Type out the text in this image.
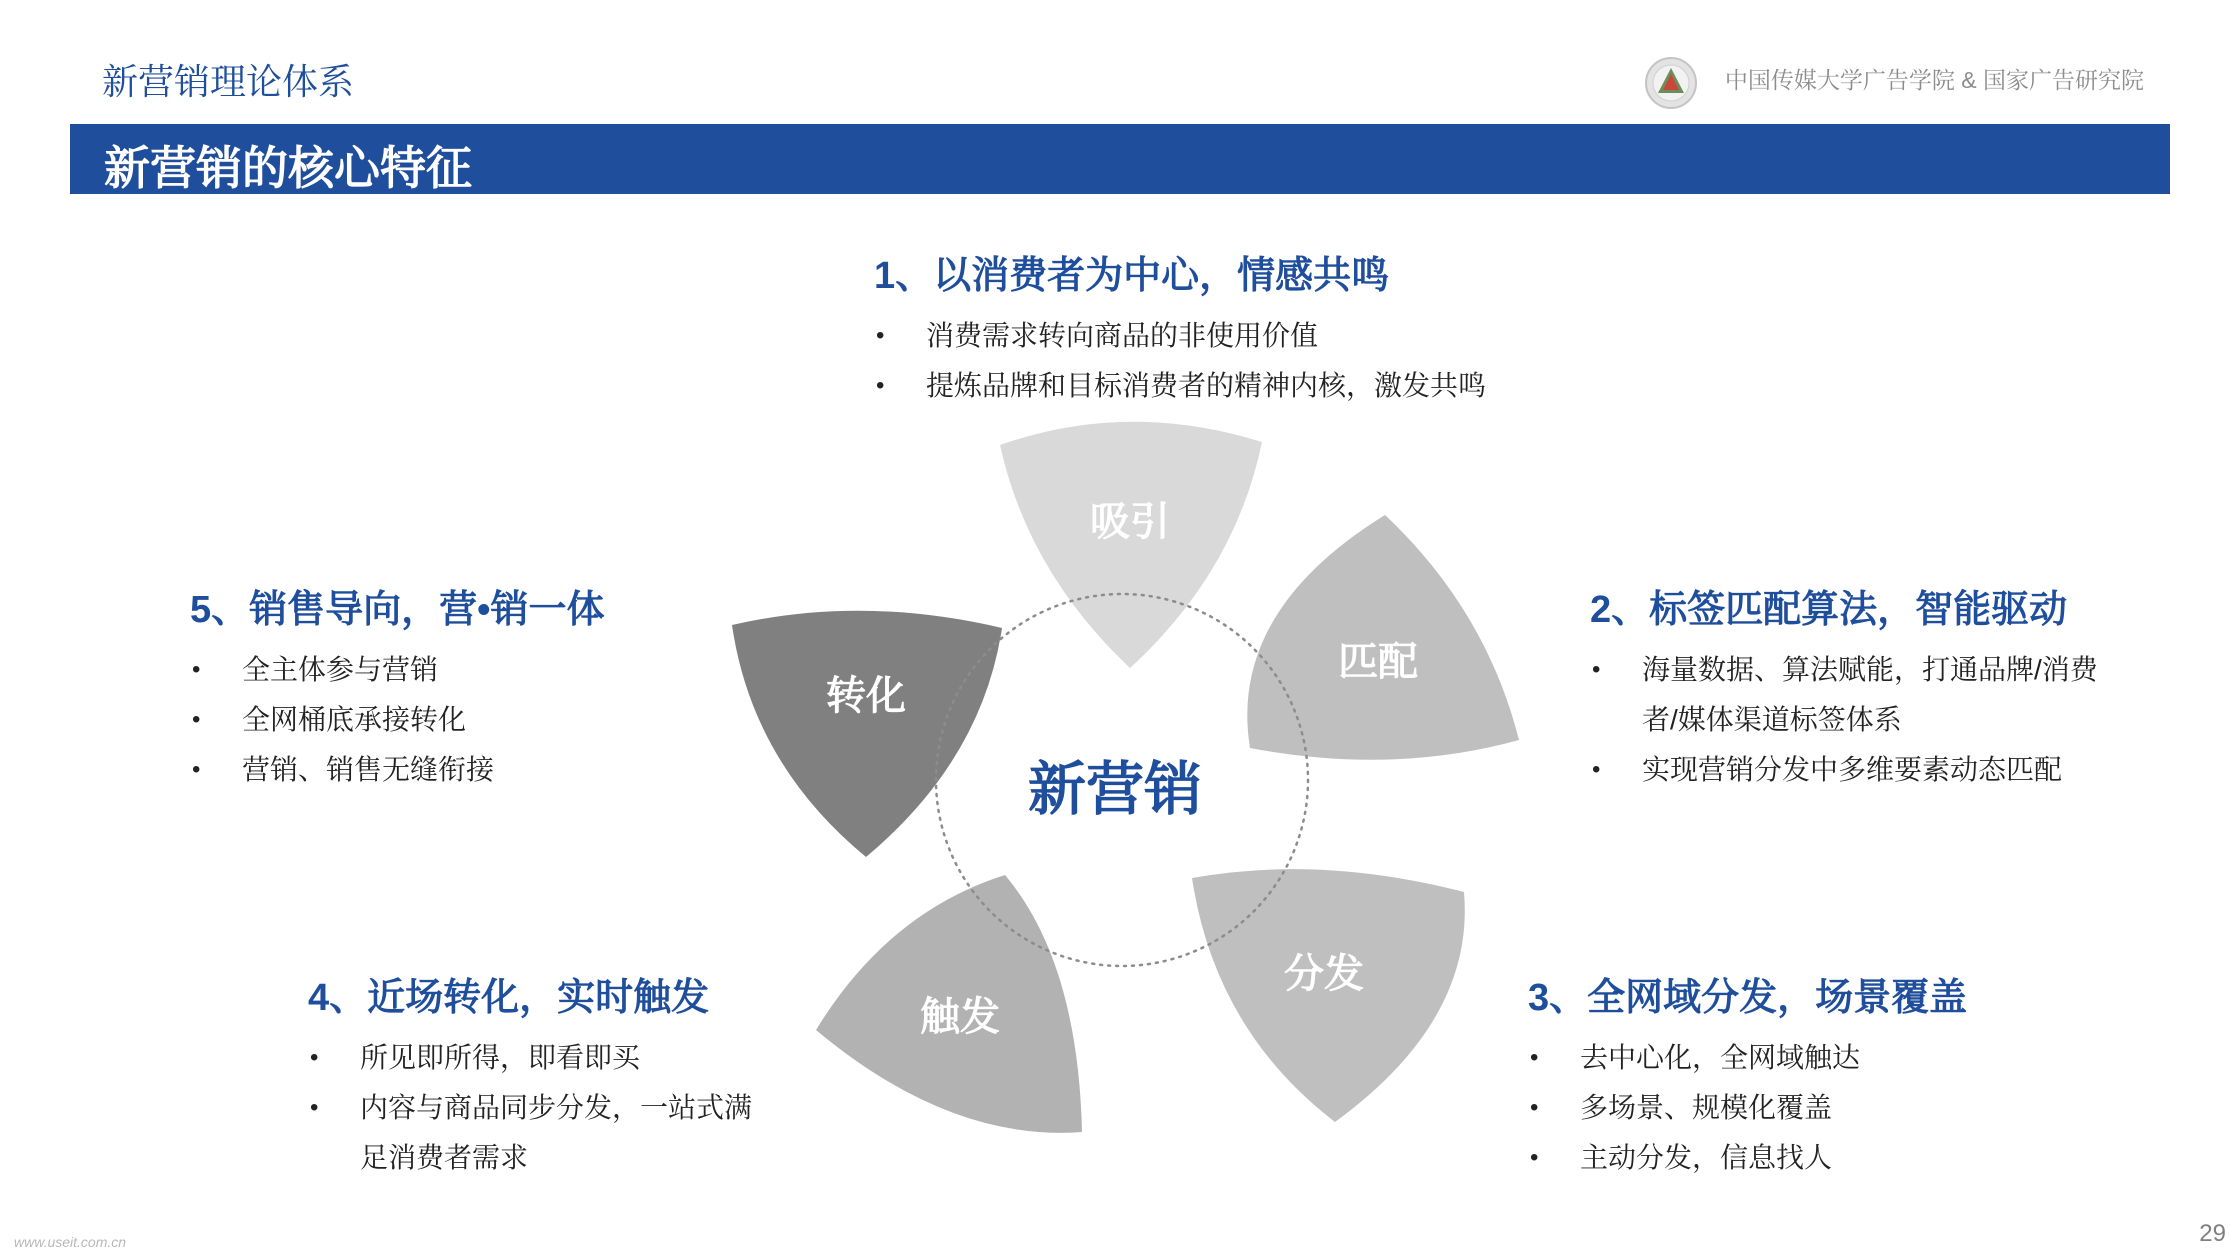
新营销理论体系	中国传媒大学广告学院 & 国家广告研究院
新营销的核心特征
新营销
吸引
匹配
分发
触发
转化
1、以消费者为中心，情感共鸣
• 消费需求转向商品的非使用价值
• 提炼品牌和目标消费者的精神内核，激发共鸣
2、标签匹配算法，智能驱动
• 海量数据、算法赋能，打通品牌/消费者/媒体渠道标签体系
• 实现营销分发中多维要素动态匹配
3、全网域分发，场景覆盖
• 去中心化，全网域触达
• 多场景、规模化覆盖
• 主动分发，信息找人
4、近场转化，实时触发
• 所见即所得，即看即买
• 内容与商品同步分发，一站式满足消费者需求
5、销售导向，营•销一体
• 全主体参与营销
• 全网桶底承接转化
• 营销、销售无缝衔接
www.useit.com.cn	29
